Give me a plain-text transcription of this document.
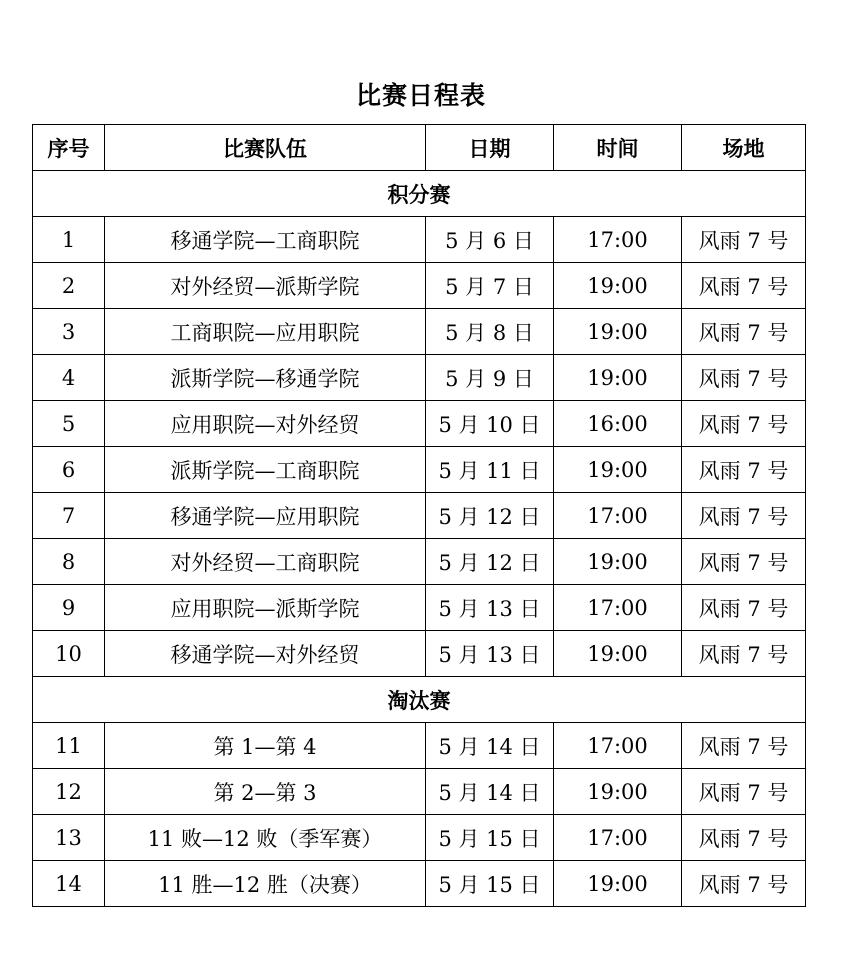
比赛日程表
序号	比赛队伍	日期	时间	场地
积分赛				
1	移通学院—工商职院	5 月 6 日	17:00	风雨 7 号
2	对外经贸—派斯学院	5 月 7 日	19:00	风雨 7 号
3	工商职院—应用职院	5 月 8 日	19:00	风雨 7 号
4	派斯学院—移通学院	5 月 9 日	19:00	风雨 7 号
5	应用职院—对外经贸	5 月 10 日	16:00	风雨 7 号
6	派斯学院—工商职院	5 月 11 日	19:00	风雨 7 号
7	移通学院—应用职院	5 月 12 日	17:00	风雨 7 号
8	对外经贸—工商职院	5 月 12 日	19:00	风雨 7 号
9	应用职院—派斯学院	5 月 13 日	17:00	风雨 7 号
10	移通学院—对外经贸	5 月 13 日	19:00	风雨 7 号
淘汰赛				
11	第 1—第 4	5 月 14 日	17:00	风雨 7 号
12	第 2—第 3	5 月 14 日	19:00	风雨 7 号
13	11 败—12 败（季军赛）	5 月 15 日	17:00	风雨 7 号
14	11 胜—12 胜（决赛）	5 月 15 日	19:00	风雨 7 号
